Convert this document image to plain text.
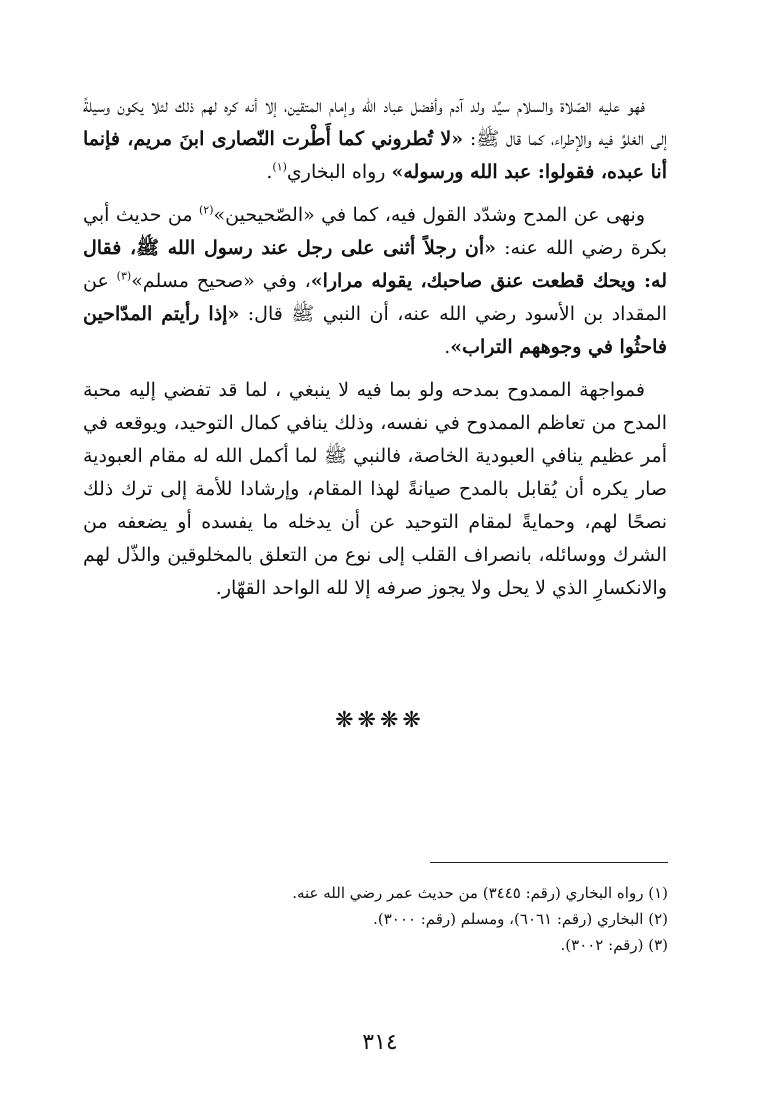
فهو عليه الصّلاة والسلام سيِّد ولد آدم وأفضل عباد الله وإمام المتقين، إلا أنه كره لهم ذلك لئلا يكون وسيلةً إلى الغلوِّ فيه والإطراء، كما قال ﷺ: «لا تُطروني كما أَطْرت النّصارى ابنَ مريم، فإنما أنا عبده، فقولوا: عبد الله ورسوله» رواه البخاري$^{(١)}$.

ونهى عن المدح وشدّد القول فيه، كما في «الصّحيحين»$^{(٢)}$ من حديث أبي بكرة رضي الله عنه: «أن رجلاً أثنى على رجل عند رسول الله ﷺ، فقال له: ويحك قطعت عنق صاحبك، يقوله مرارا»، وفي «صحيح مسلم»$^{(٣)}$ عن المقداد بن الأسود رضي الله عنه، أن النبي ﷺ قال: «إذا رأيتم المدّاحين فاحثُوا في وجوههم التراب».

فمواجهة الممدوح بمدحه ولو بما فيه لا ينبغي ، لما قد تفضي إليه محبة المدح من تعاظم الممدوح في نفسه، وذلك ينافي كمال التوحيد، ويوقعه في أمر عظيم ينافي العبودية الخاصة، فالنبي ﷺ لما أكمل الله له مقام العبودية صار يكره أن يُقابل بالمدح صيانةً لهذا المقام، وإرشادا للأمة إلى ترك ذلك نصحًا لهم، وحمايةً لمقام التوحيد عن أن يدخله ما يفسده أو يضعفه من الشرك ووسائله، بانصراف القلب إلى نوع من التعلق بالمخلوقين والذّل لهم والانكسارِ الذي لا يحل ولا يجوز صرفه إلا لله الواحد القهّار.

❋❋❋❋

(١) رواه البخاري (رقم: ٣٤٤٥) من حديث عمر رضي الله عنه.

(٢) البخاري (رقم: ٦٠٦١)، ومسلم (رقم: ٣٠٠٠).

(٣) (رقم: ٣٠٠٢).

٣١٤
